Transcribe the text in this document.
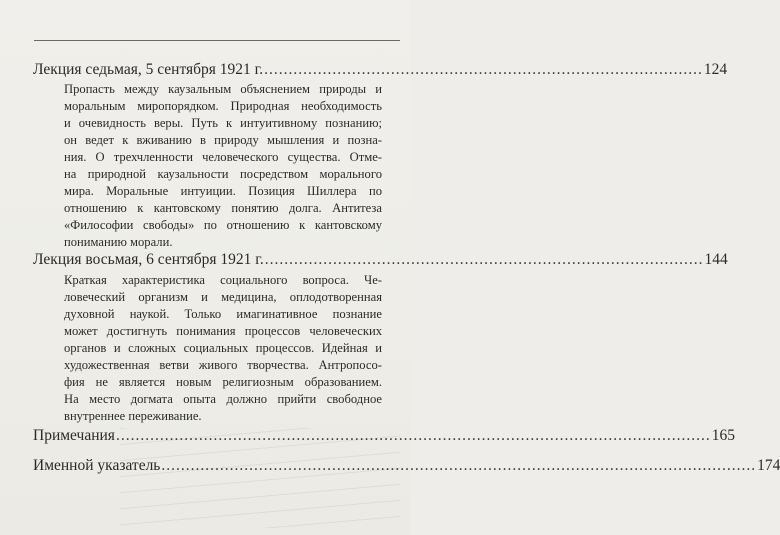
Лекция седьмая, 5 сентября 1921 г. .......................................................................................... 124
Пропасть между каузальным объяснением природы и
моральным миропорядком. Природная необходимость
и очевидность веры. Путь к интуитивному познанию;
он ведет к вживанию в природу мышления и позна-
ния. О трехчленности человеческого существа. Отме-
на природной каузальности посредством морального
мира. Моральные интуиции. Позиция Шиллера по
отношению к кантовскому понятию долга. Антитеза
«Философии свободы» по отношению к кантовскому
пониманию морали.
Лекция восьмая, 6 сентября 1921 г. .......................................................................................... 144
Краткая характеристика социального вопроса. Че-
ловеческий организм и медицина, оплодотворенная
духовной наукой. Только имагинативное познание
может достигнуть понимания процессов человеческих
органов и сложных социальных процессов. Идейная и
художественная ветви живого творчества. Антропосо-
фия не является новым религиозным образованием.
На место догмата опыта должно прийти свободное
внутреннее переживание.
Примечания .......................................................................................................................... 165
Именной указатель .......................................................................................................................... 174
